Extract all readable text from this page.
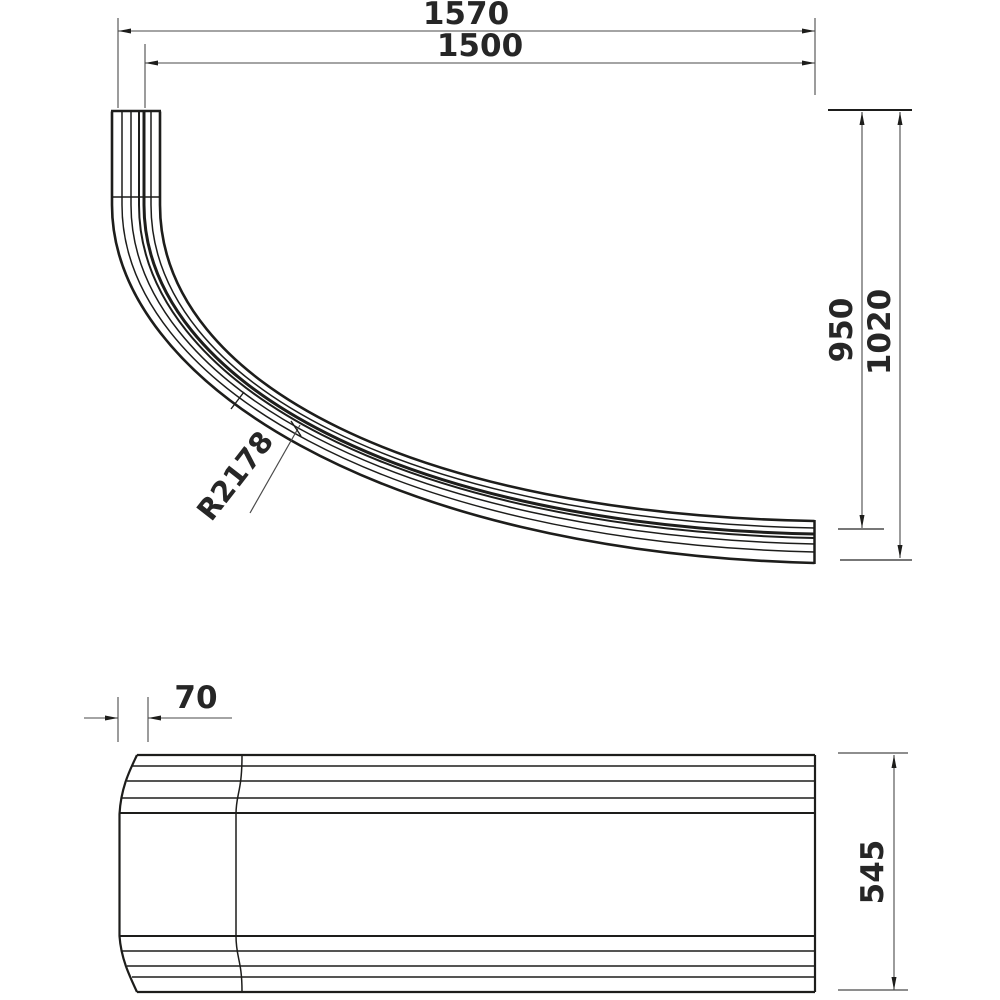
1570
1500
950 1020
R2178
70
545
